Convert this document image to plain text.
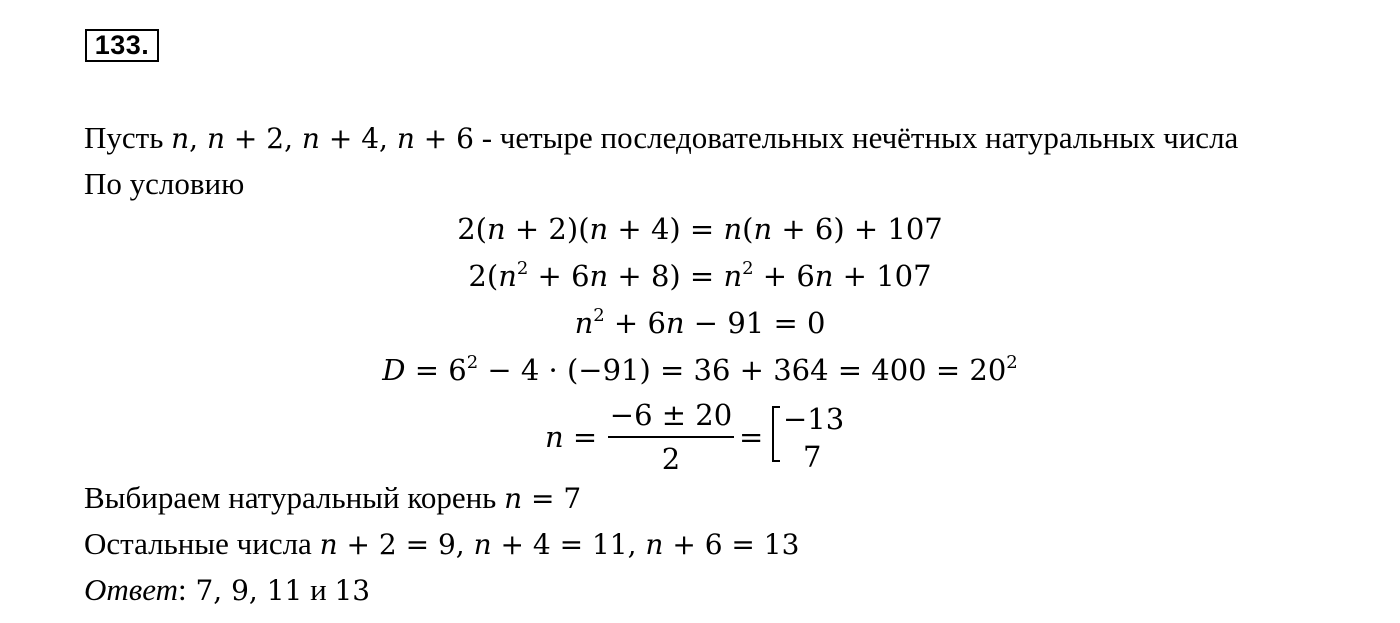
133.
Пусть n, n + 2, n + 4, n + 6 - четыре последовательных нечётных натуральных числа
По условию
2(n + 2)(n + 4) = n(n + 6) + 107
$2(n^2 + 6n + 8) = n^2 + 6n + 107$
$n^2 + 6n - 91 = 0$
$D = 6^2 - 4 \cdot (-91) = 36 + 364 = 400 = 20^2$
n =
−6 ± 20
2
=
−13
7
Выбираем натуральный корень n = 7
Остальные числа n + 2 = 9, n + 4 = 11, n + 6 = 13
Ответ: 7, 9, 11 и 13
